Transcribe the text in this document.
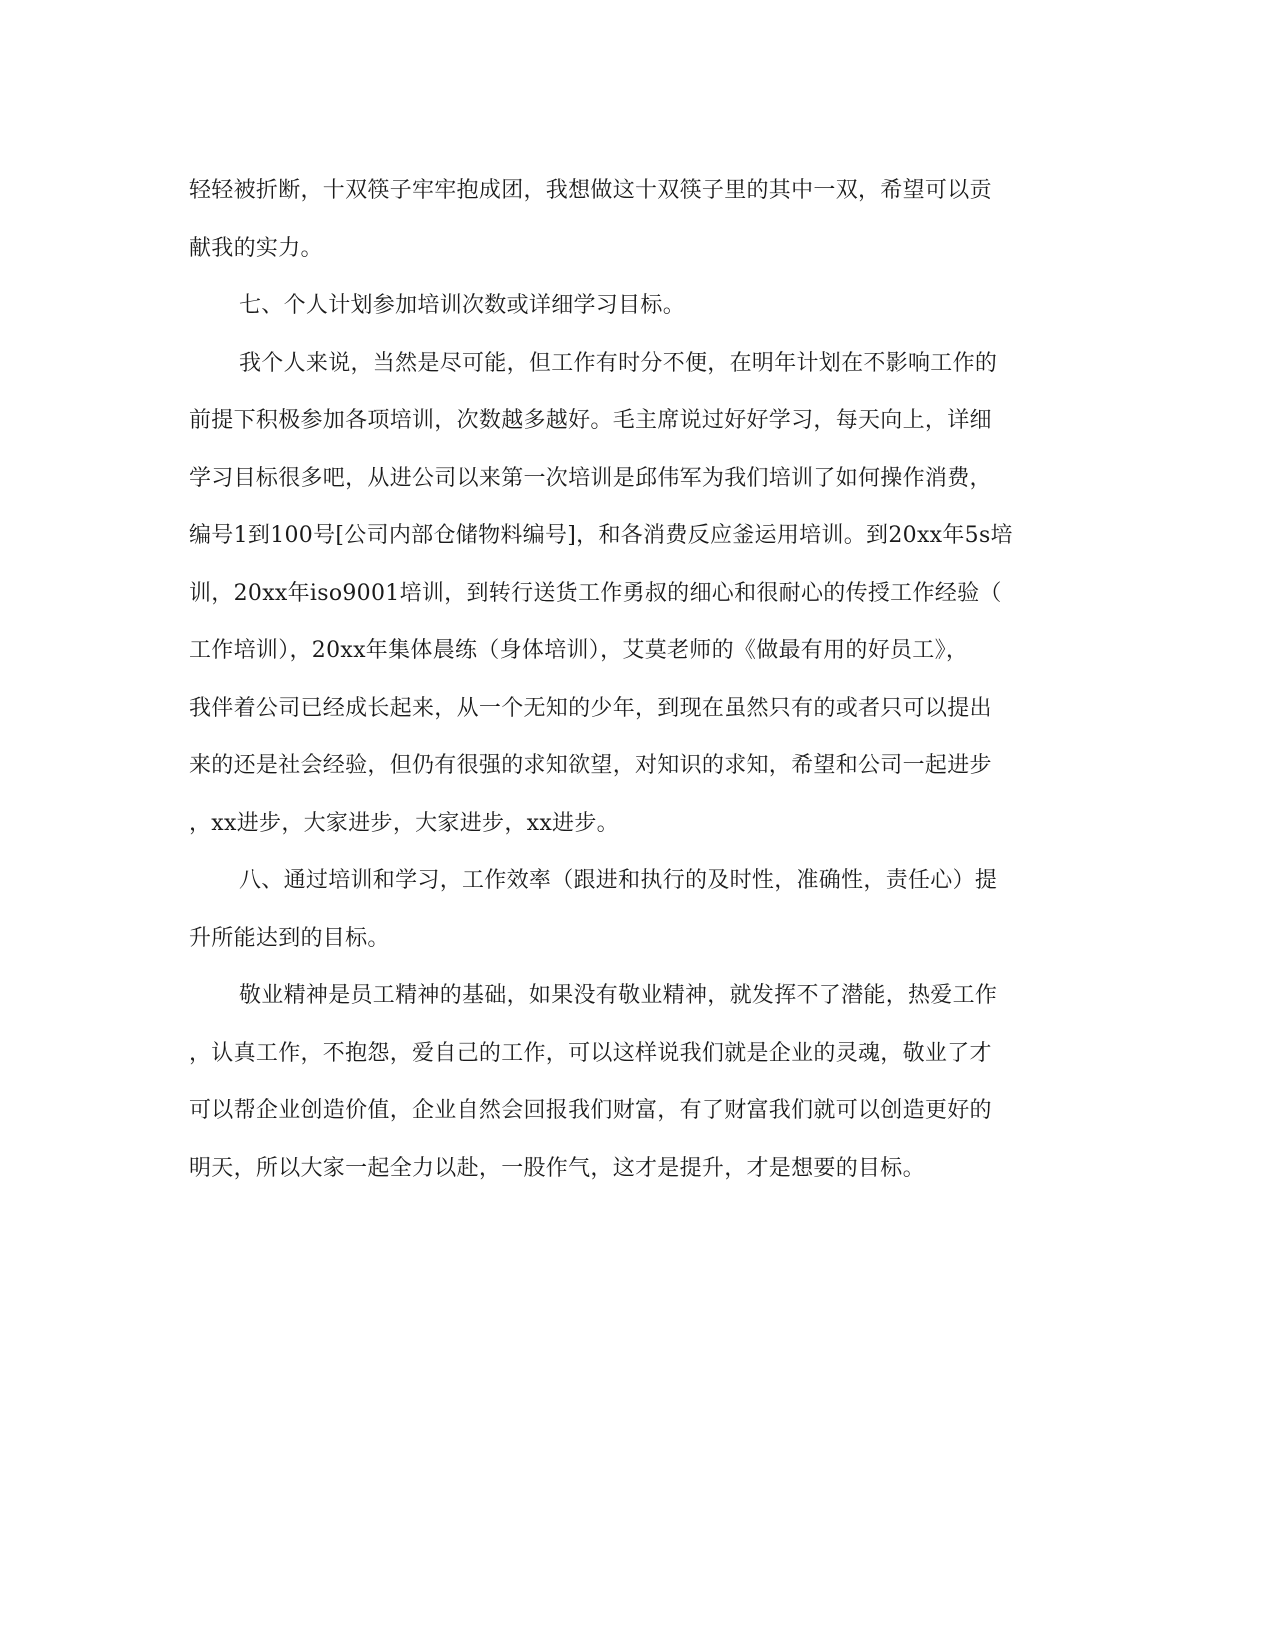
轻轻被折断，十双筷子牢牢抱成团，我想做这十双筷子里的其中一双，希望可以贡
献我的实力。
七、个人计划参加培训次数或详细学习目标。
我个人来说，当然是尽可能，但工作有时分不便，在明年计划在不影响工作的
前提下积极参加各项培训，次数越多越好。毛主席说过好好学习，每天向上，详细
学习目标很多吧，从进公司以来第一次培训是邱伟军为我们培训了如何操作消费，
编号1到100号[公司内部仓储物料编号]，和各消费反应釜运用培训。到20xx年5s培
训，20xx年iso9001培训，到转行送货工作勇叔的细心和很耐心的传授工作经验（
工作培训），20xx年集体晨练（身体培训），艾莫老师的《做最有用的好员工》，
我伴着公司已经成长起来，从一个无知的少年，到现在虽然只有的或者只可以提出
来的还是社会经验，但仍有很强的求知欲望，对知识的求知，希望和公司一起进步
，xx进步，大家进步，大家进步，xx进步。
八、通过培训和学习，工作效率（跟进和执行的及时性，准确性，责任心）提
升所能达到的目标。
敬业精神是员工精神的基础，如果没有敬业精神，就发挥不了潜能，热爱工作
，认真工作，不抱怨，爱自己的工作，可以这样说我们就是企业的灵魂，敬业了才
可以帮企业创造价值，企业自然会回报我们财富，有了财富我们就可以创造更好的
明天，所以大家一起全力以赴，一股作气，这才是提升，才是想要的目标。
